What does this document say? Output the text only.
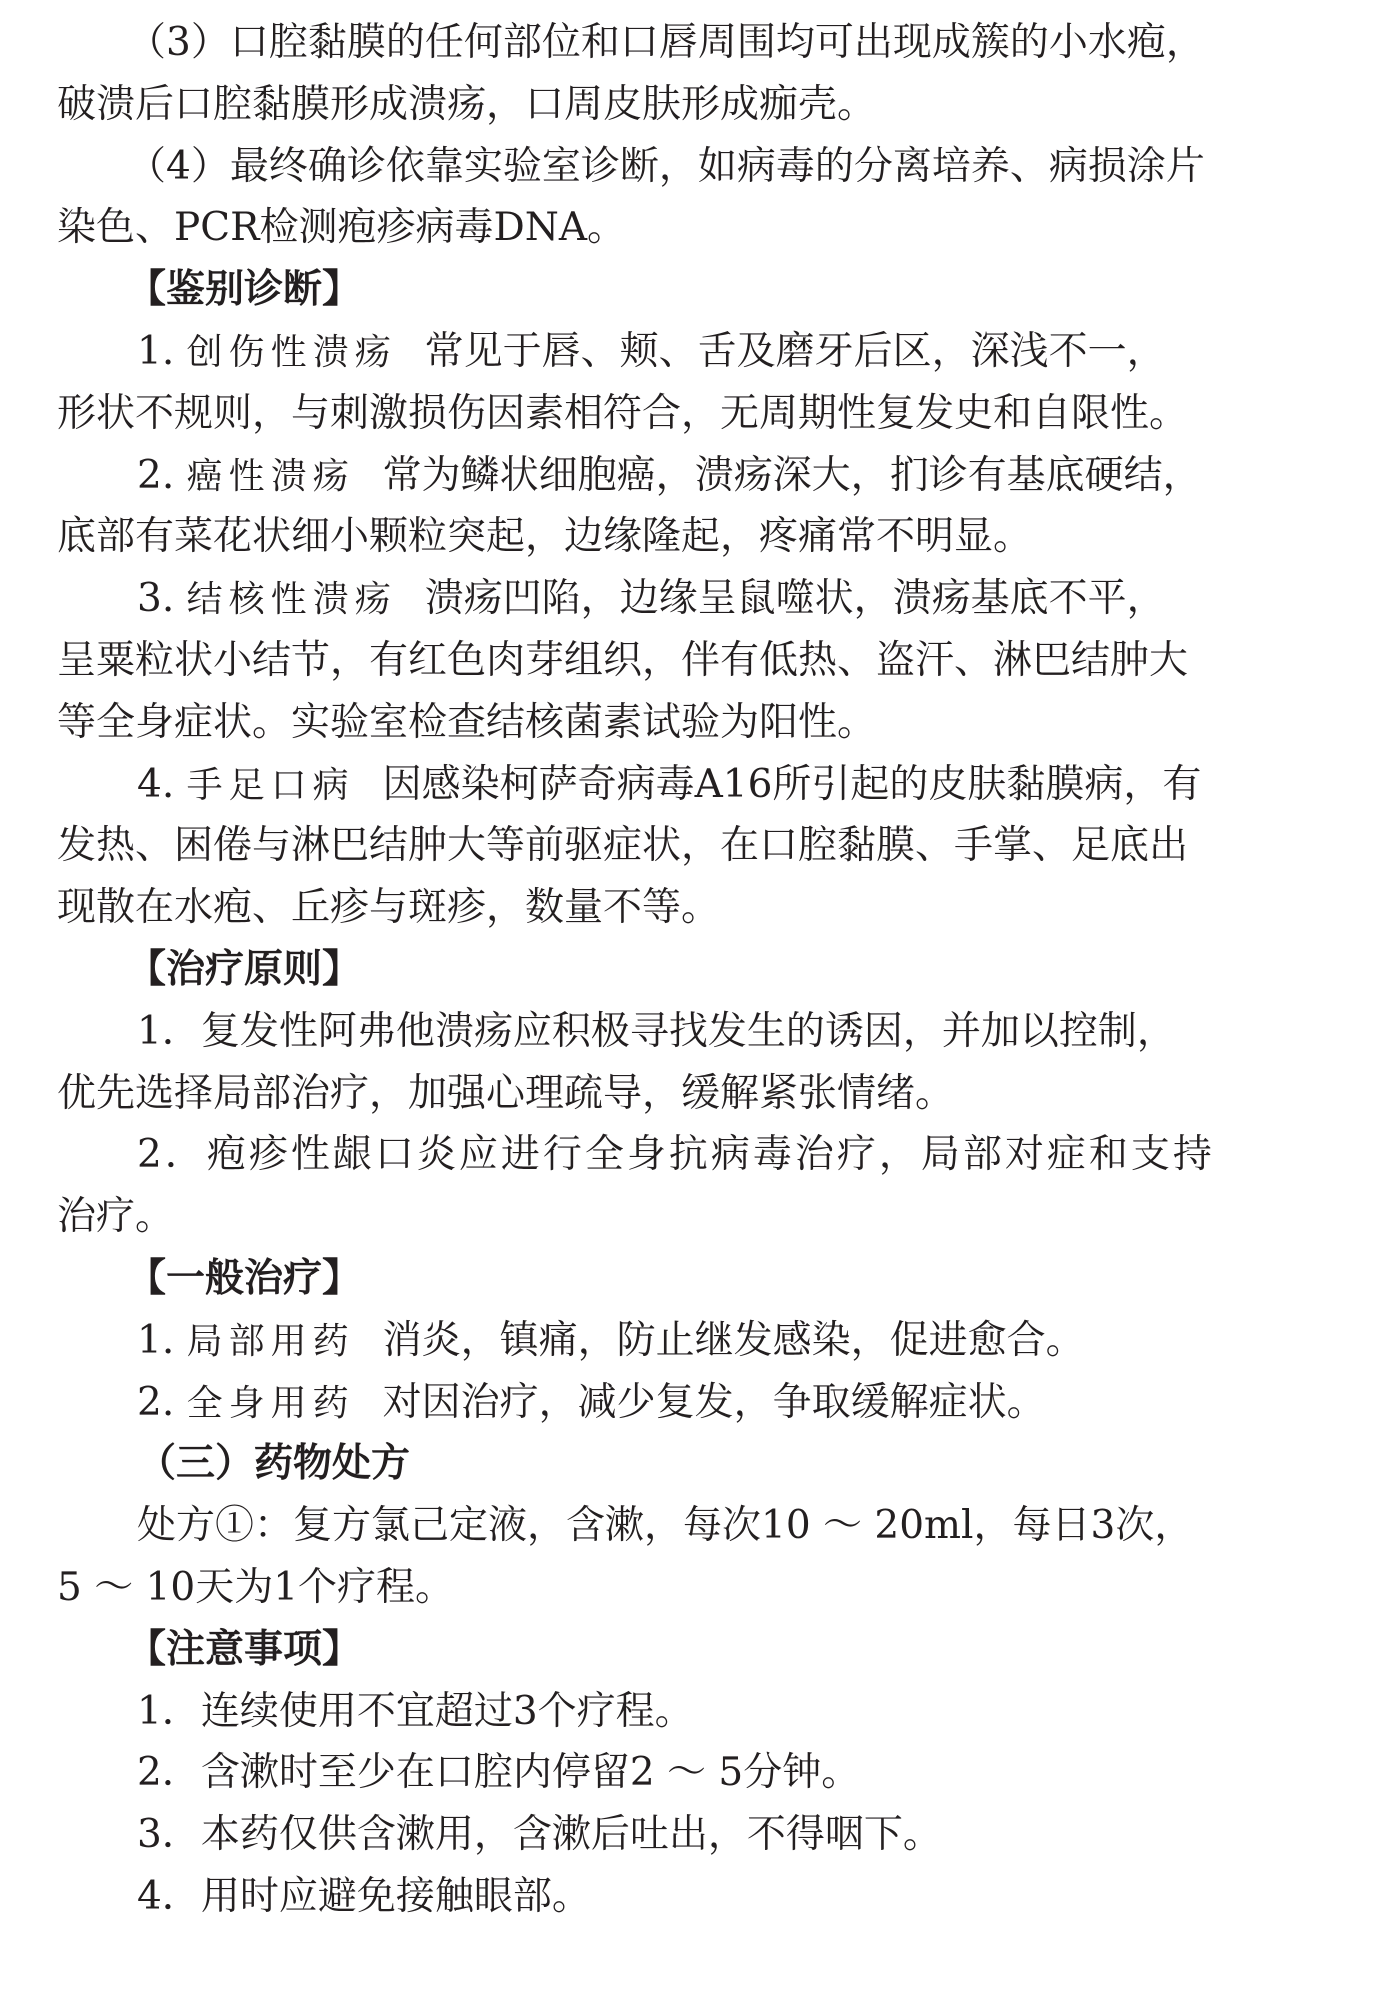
（3）口腔黏膜的任何部位和口唇周围均可出现成簇的小水疱，

破溃后口腔黏膜形成溃疡，口周皮肤形成痂壳。

（4）最终确诊依靠实验室诊断，如病毒的分离培养、病损涂片

染色、PCR检测疱疹病毒DNA。

【鉴别诊断】

1. 创伤性溃疡 常见于唇、颊、舌及磨牙后区，深浅不一，

形状不规则，与刺激损伤因素相符合，无周期性复发史和自限性。

2. 癌性溃疡 常为鳞状细胞癌，溃疡深大，扪诊有基底硬结，

底部有菜花状细小颗粒突起，边缘隆起，疼痛常不明显。

3. 结核性溃疡 溃疡凹陷，边缘呈鼠噬状，溃疡基底不平，

呈粟粒状小结节，有红色肉芽组织，伴有低热、盗汗、淋巴结肿大

等全身症状。实验室检查结核菌素试验为阳性。

4. 手足口病 因感染柯萨奇病毒A16所引起的皮肤黏膜病，有

发热、困倦与淋巴结肿大等前驱症状，在口腔黏膜、手掌、足底出

现散在水疱、丘疹与斑疹，数量不等。

【治疗原则】

1．复发性阿弗他溃疡应积极寻找发生的诱因，并加以控制，

优先选择局部治疗，加强心理疏导，缓解紧张情绪。

2．疱疹性龈口炎应进行全身抗病毒治疗，局部对症和支持

治疗。

【一般治疗】

1. 局部用药 消炎，镇痛，防止继发感染，促进愈合。

2. 全身用药 对因治疗，减少复发，争取缓解症状。

（三）药物处方

处方①：复方氯己定液，含漱，每次10 ～ 20ml，每日3次，

5 ～ 10天为1个疗程。

【注意事项】

1．连续使用不宜超过3个疗程。

2．含漱时至少在口腔内停留2 ～ 5分钟。

3．本药仅供含漱用，含漱后吐出，不得咽下。

4．用时应避免接触眼部。
